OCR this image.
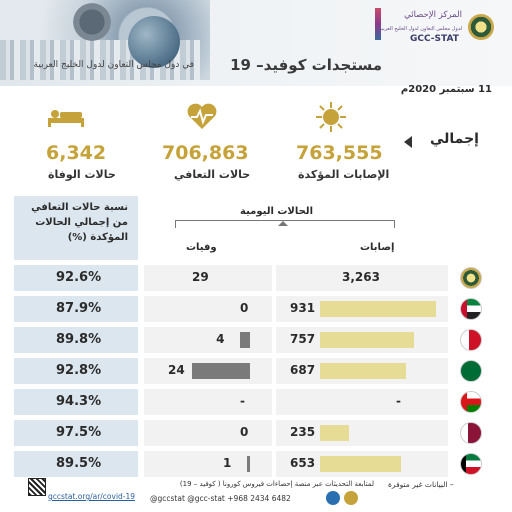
المركز الإحصائي
لدول مجلس التعاون لدول الخليج العربية
GCC-STAT
مستجدات كوفيد– 19
11 سبتمبر 2020م
إجمالي
763,555
الإصابات المؤكدة
706,863
حالات التعافي
6,342
حالات الوفاة
نسبة حالات التعافي من إجمالي الحالات المؤكدة (%)
الحالات اليومية
إصابات
وفيات
92.6%	29	3,263
87.9%	0	931
89.8%	4	757
92.8%	24	687
94.3%	-	-
97.5%	0	235
89.5%	1	653
– البيانات غير متوفرة
لمتابعة التحديثات عبر منصة إحصاءات فيروس كورونا ( كوفيد – 19)
gccstat.org/ar/covid-19 @gccstat @gcc-stat +968 2434 6482
